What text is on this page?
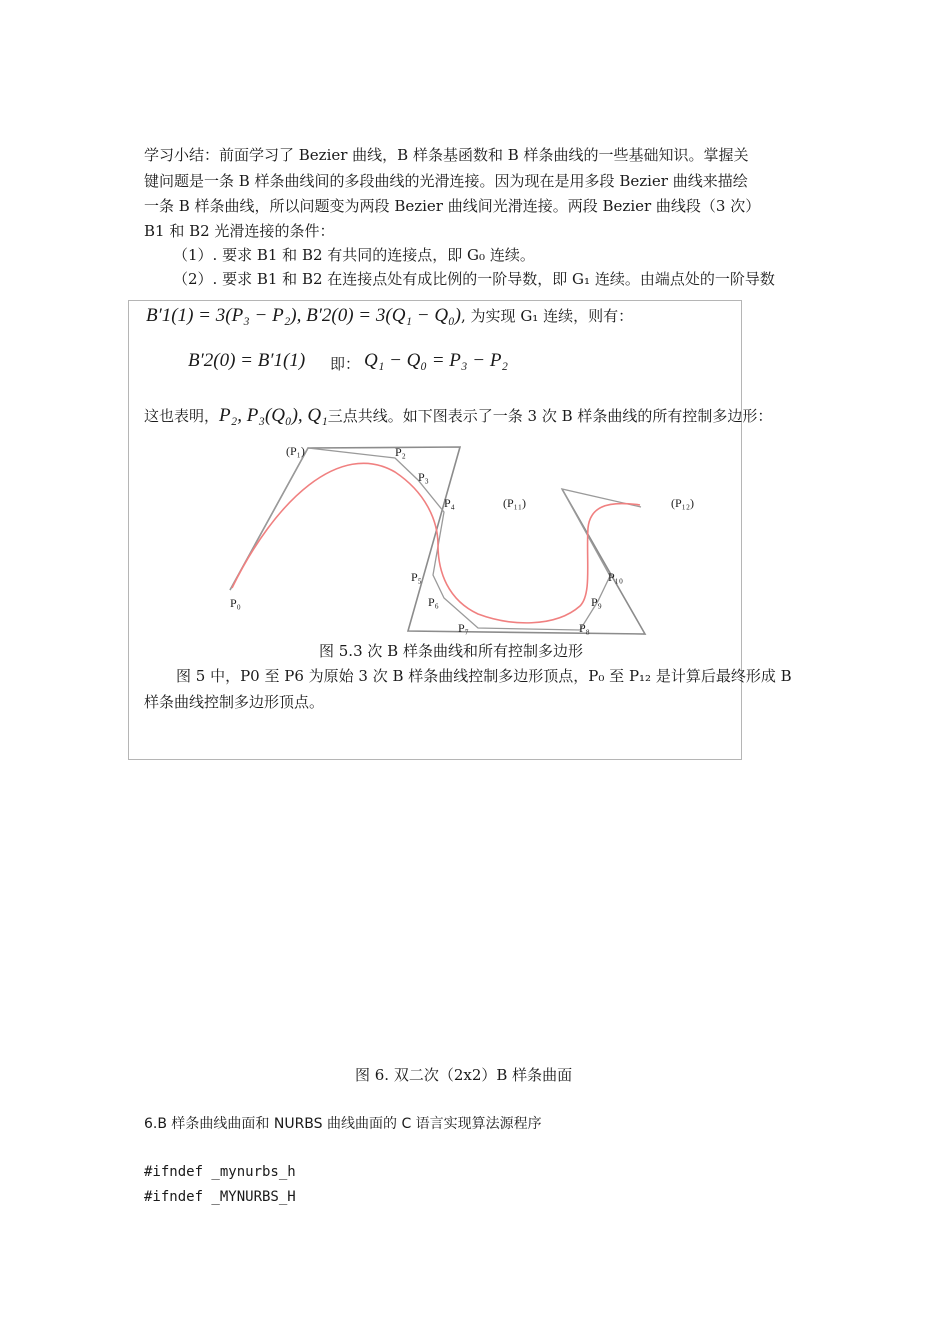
学习小结：前面学习了 Bezier 曲线，B 样条基函数和 B 样条曲线的一些基础知识。掌握关
键问题是一条 B 样条曲线间的多段曲线的光滑连接。因为现在是用多段 Bezier 曲线来描绘
一条 B 样条曲线，所以问题变为两段 Bezier 曲线间光滑连接。两段 Bezier 曲线段（3 次）
B1 和 B2 光滑连接的条件：
（1）. 要求 B1 和 B2 有共同的连接点，即 G₀ 连续。
（2）. 要求 B1 和 B2 在连接点处有成比例的一阶导数，即 G₁ 连续。由端点处的一阶导数
B′1(1) = 3(P₃ − P₂), B′2(0) = 3(Q₁ − Q₀), 为实现 G₁ 连续，则有：
B′2(0) = B′1(1) 即： Q₁ − Q₀ = P₃ − P₂
这也表明，P₂, P₃(Q₀), Q₁三点共线。如下图表示了一条 3 次 B 样条曲线的所有控制多边形：
(P₁)	P₂
P₃
P₄	(P₁₁)	(P₁₂)
P₅	P₁₀
P₀	P₆	P₉
P₇	P₈
图 5.3 次 B 样条曲线和所有控制多边形
图 5 中，P0 至 P6 为原始 3 次 B 样条曲线控制多边形顶点，P₀ 至 P₁₂ 是计算后最终形成 B
样条曲线控制多边形顶点。
图 6. 双二次（2x2）B 样条曲面
6.B 样条曲线曲面和 NURBS 曲线曲面的 C 语言实现算法源程序
#ifndef _mynurbs_h
#ifndef _MYNURBS_H
